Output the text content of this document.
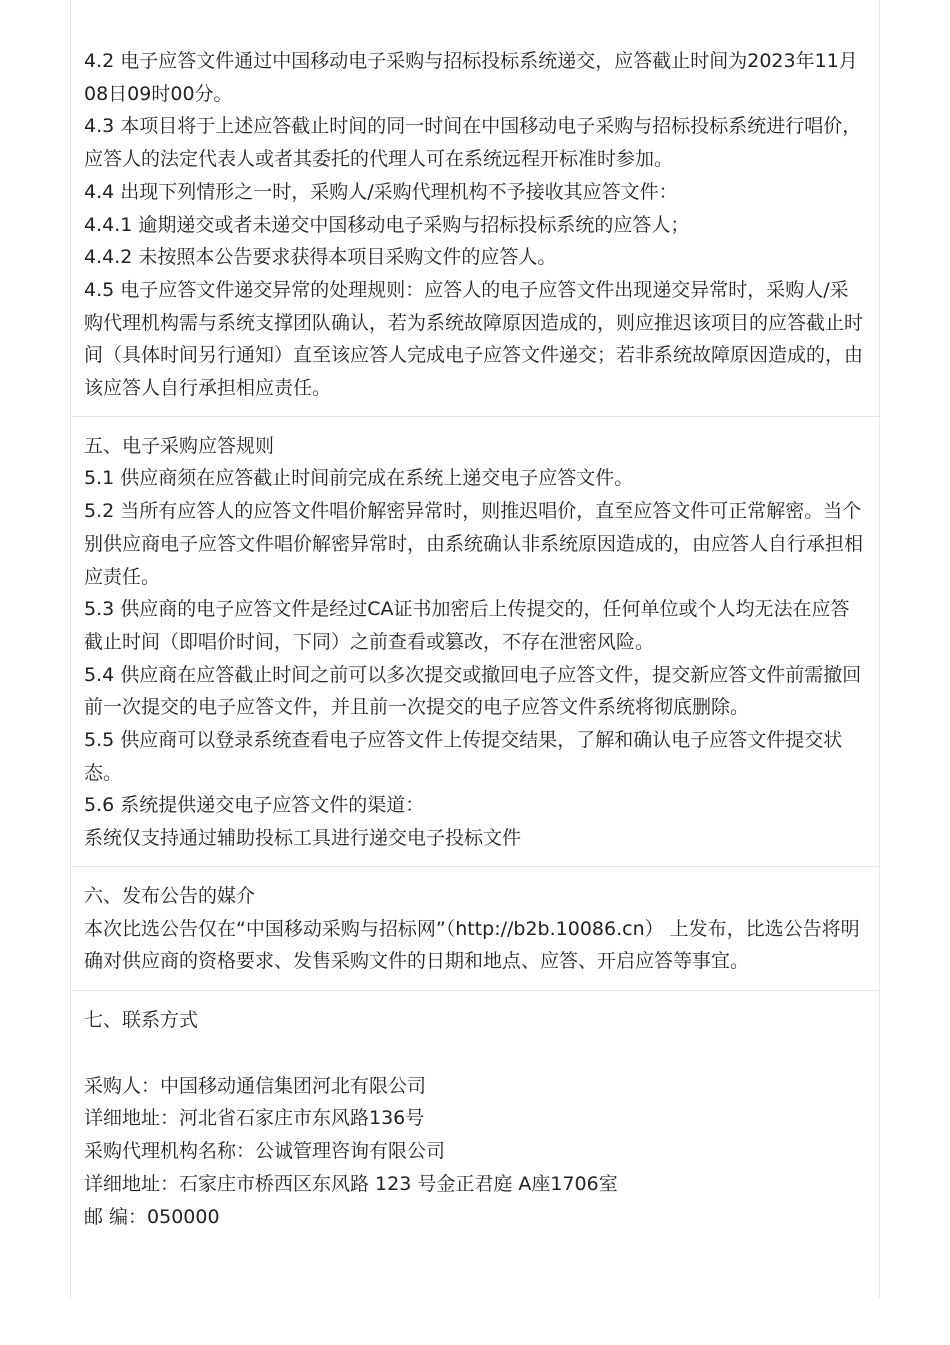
4.2 电子应答文件通过中国移动电子采购与招标投标系统递交，应答截止时间为2023年11月08日09时00分。
4.3 本项目将于上述应答截止时间的同一时间在中国移动电子采购与招标投标系统进行唱价，应答人的法定代表人或者其委托的代理人可在系统远程开标准时参加。
4.4 出现下列情形之一时，采购人/采购代理机构不予接收其应答文件：
4.4.1 逾期递交或者未递交中国移动电子采购与招标投标系统的应答人；
4.4.2 未按照本公告要求获得本项目采购文件的应答人。
4.5 电子应答文件递交异常的处理规则：应答人的电子应答文件出现递交异常时，采购人/采购代理机构需与系统支撑团队确认，若为系统故障原因造成的，则应推迟该项目的应答截止时间（具体时间另行通知）直至该应答人完成电子应答文件递交；若非系统故障原因造成的，由该应答人自行承担相应责任。
五、电子采购应答规则
5.1 供应商须在应答截止时间前完成在系统上递交电子应答文件。
5.2 当所有应答人的应答文件唱价解密异常时，则推迟唱价，直至应答文件可正常解密。当个别供应商电子应答文件唱价解密异常时，由系统确认非系统原因造成的，由应答人自行承担相应责任。
5.3 供应商的电子应答文件是经过CA证书加密后上传提交的，任何单位或个人均无法在应答截止时间（即唱价时间，下同）之前查看或篡改，不存在泄密风险。
5.4 供应商在应答截止时间之前可以多次提交或撤回电子应答文件，提交新应答文件前需撤回前一次提交的电子应答文件，并且前一次提交的电子应答文件系统将彻底删除。
5.5 供应商可以登录系统查看电子应答文件上传提交结果，了解和确认电子应答文件提交状态。
5.6 系统提供递交电子应答文件的渠道：
系统仅支持通过辅助投标工具进行递交电子投标文件
六、发布公告的媒介
本次比选公告仅在“中国移动采购与招标网”（http://b2b.10086.cn） 上发布，比选公告将明确对供应商的资格要求、发售采购文件的日期和地点、应答、开启应答等事宜。
七、联系方式
采购人：中国移动通信集团河北有限公司
详细地址：河北省石家庄市东风路136号
采购代理机构名称：公诚管理咨询有限公司
详细地址：石家庄市桥西区东风路 123 号金正君庭 A座1706室
邮 编：050000
